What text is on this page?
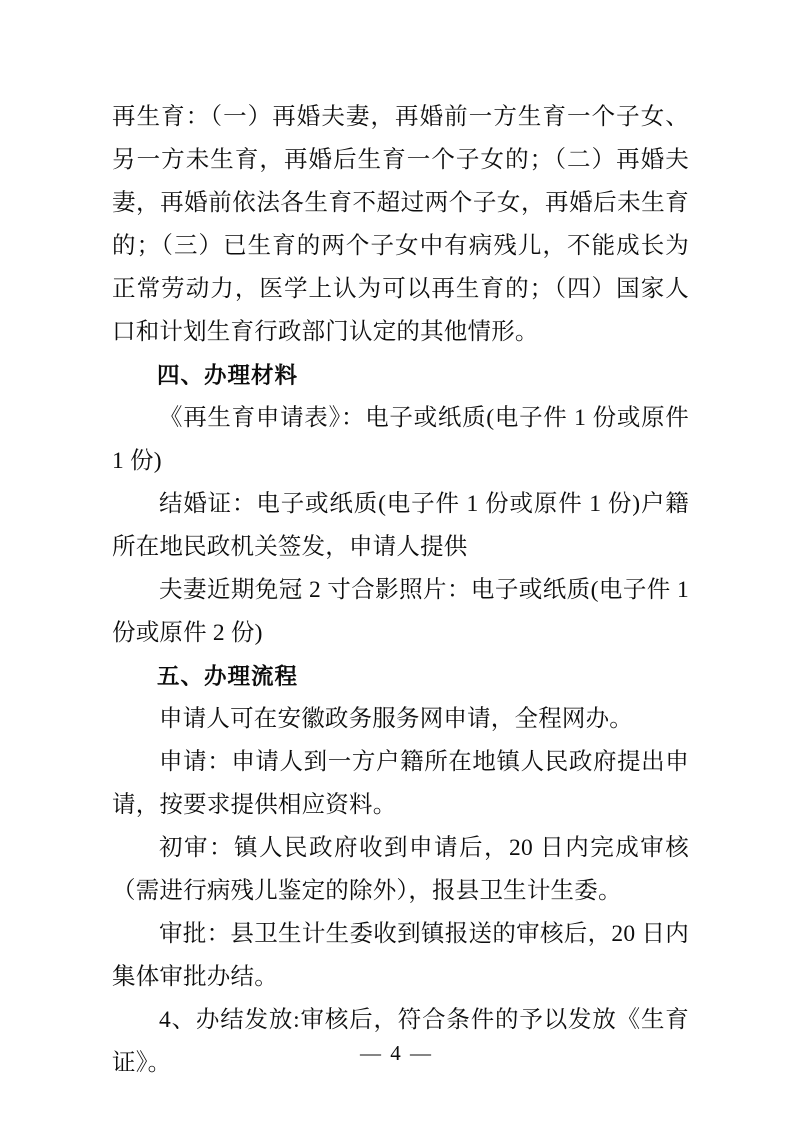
再生育：（一）再婚夫妻，再婚前一方生育一个子女、另一方未生育，再婚后生育一个子女的；（二）再婚夫妻，再婚前依法各生育不超过两个子女，再婚后未生育的；（三）已生育的两个子女中有病残儿，不能成长为正常劳动力，医学上认为可以再生育的；（四）国家人口和计划生育行政部门认定的其他情形。

四、办理材料

《再生育申请表》：电子或纸质(电子件 1 份或原件 1 份)

结婚证：电子或纸质(电子件 1 份或原件 1 份)户籍所在地民政机关签发，申请人提供

夫妻近期免冠 2 寸合影照片：电子或纸质(电子件 1 份或原件 2 份)

五、办理流程

申请人可在安徽政务服务网申请，全程网办。

申请：申请人到一方户籍所在地镇人民政府提出申请，按要求提供相应资料。

初审：镇人民政府收到申请后，20 日内完成审核（需进行病残儿鉴定的除外），报县卫生计生委。

审批：县卫生计生委收到镇报送的审核后，20 日内集体审批办结。

4、办结发放:审核后，符合条件的予以发放《生育证》。	— 4 —
